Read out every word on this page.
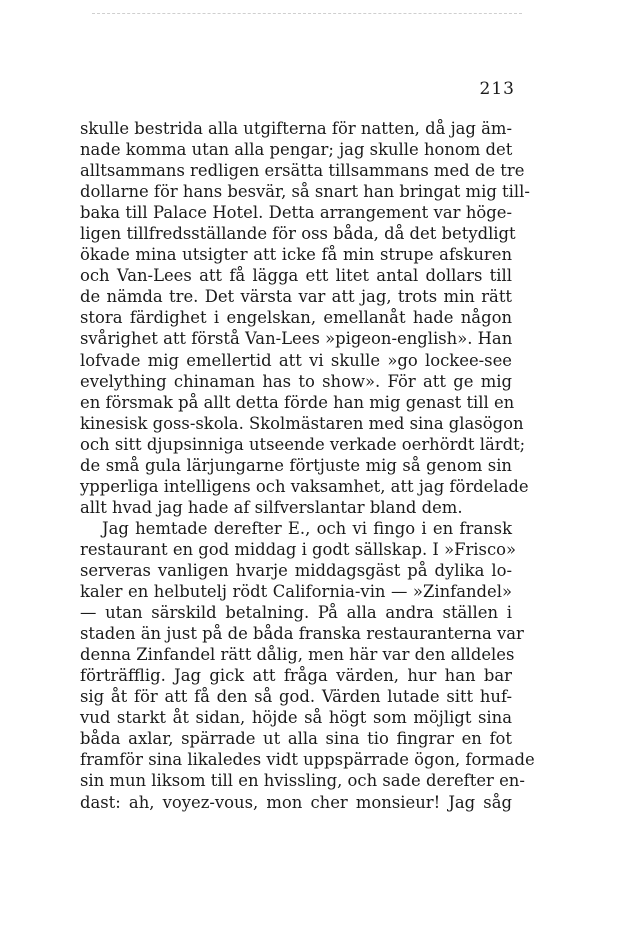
213
skulle bestrida alla utgifterna för natten, då jag äm-
nade komma utan alla pengar; jag skulle honom det
alltsammans redligen ersätta tillsammans med de tre
dollarne för hans besvär, så snart han bringat mig till-
baka till Palace Hotel. Detta arrangement var höge-
ligen tillfredsställande för oss båda, då det betydligt
ökade mina utsigter att icke få min strupe afskuren
och Van-Lees att få lägga ett litet antal dollars till
de nämda tre. Det värsta var att jag, trots min rätt
stora färdighet i engelskan, emellanåt hade någon
svårighet att förstå Van-Lees »pigeon-english». Han
lofvade mig emellertid att vi skulle »go lockee-see
evelything chinaman has to show». För att ge mig
en försmak på allt detta förde han mig genast till en
kinesisk goss-skola. Skolmästaren med sina glasögon
och sitt djupsinniga utseende verkade oerhördt lärdt;
de små gula lärjungarne förtjuste mig så genom sin
ypperliga intelligens och vaksamhet, att jag fördelade
allt hvad jag hade af silfverslantar bland dem.
Jag hemtade derefter E., och vi fingo i en fransk
restaurant en god middag i godt sällskap. I »Frisco»
serveras vanligen hvarje middagsgäst på dylika lo-
kaler en helbutelj rödt California-vin — »Zinfandel»
— utan särskild betalning. På alla andra ställen i
staden än just på de båda franska restauranterna var
denna Zinfandel rätt dålig, men här var den alldeles
förträfflig. Jag gick att fråga värden, hur han bar
sig åt för att få den så god. Värden lutade sitt huf-
vud starkt åt sidan, höjde så högt som möjligt sina
båda axlar, spärrade ut alla sina tio fingrar en fot
framför sina likaledes vidt uppspärrade ögon, formade
sin mun liksom till en hvissling, och sade derefter en-
dast: ah, voyez-vous, mon cher monsieur! Jag såg
